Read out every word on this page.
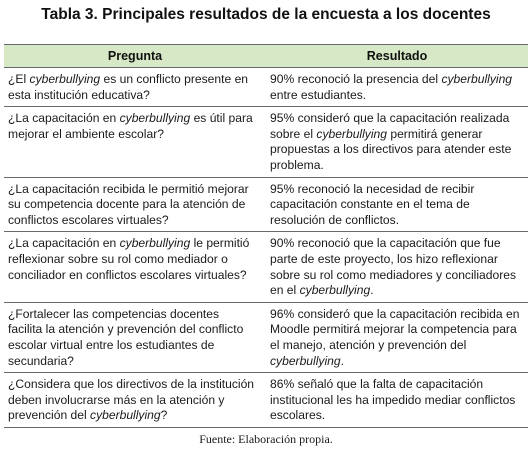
Tabla 3. Principales resultados de la encuesta a los docentes
Pregunta	Resultado
¿El cyberbullying es un conflicto presente en esta institución educativa?	90% reconoció la presencia del cyberbullying entre estudiantes.
¿La capacitación en cyberbullying es útil para mejorar el ambiente escolar?	95% consideró que la capacitación realizada sobre el cyberbullying permitirá generar propuestas a los directivos para atender este problema.
¿La capacitación recibida le permitió mejorar su competencia docente para la atención de conflictos escolares virtuales?	95% reconoció la necesidad de recibir capacitación constante en el tema de resolución de conflictos.
¿La capacitación en cyberbullying le permitió reflexionar sobre su rol como mediador o conciliador en conflictos escolares virtuales?	90% reconoció que la capacitación que fue parte de este proyecto, los hizo reflexionar sobre su rol como mediadores y conciliadores en el cyberbullying.
¿Fortalecer las competencias docentes facilita la atención y prevención del conflicto escolar virtual entre los estudiantes de secundaria?	96% consideró que la capacitación recibida en Moodle permitirá mejorar la competencia para el manejo, atención y prevención del cyberbullying.
¿Considera que los directivos de la institución deben involucrarse más en la atención y prevención del cyberbullying?	86% señaló que la falta de capacitación institucional les ha impedido mediar conflictos escolares.
Fuente: Elaboración propia.
